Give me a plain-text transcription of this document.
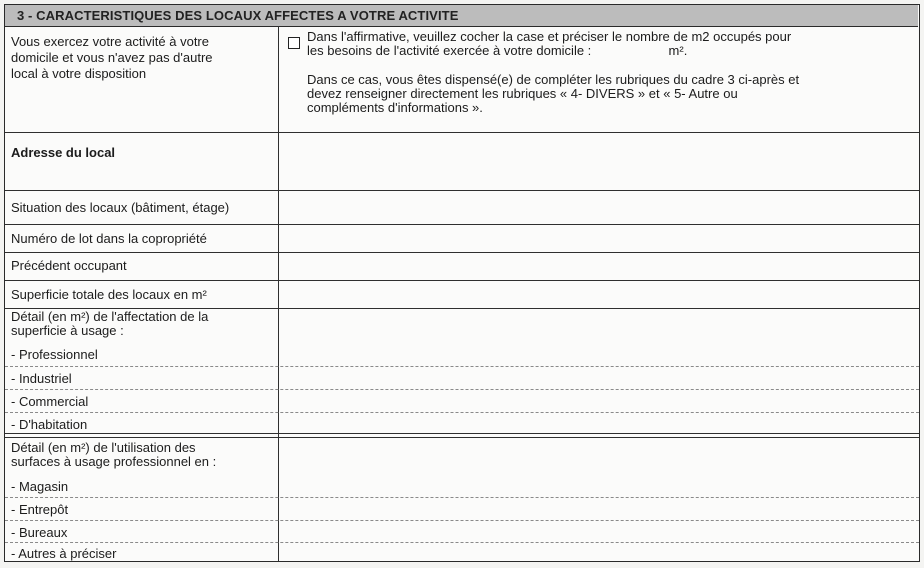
3 - CARACTERISTIQUES DES LOCAUX AFFECTES A VOTRE ACTIVITE
Vous exercez votre activité à votre
domicile et vous n'avez pas d'autre
local à votre disposition
Dans l'affirmative, veuillez cocher la case et préciser le nombre de m2 occupés pour
les besoins de l'activité exercée à votre domicile :	m².
Dans ce cas, vous êtes dispensé(e) de compléter les rubriques du cadre 3 ci-après et
devez renseigner directement les rubriques « 4- DIVERS » et « 5- Autre ou
compléments d'informations ».
Adresse du local
Situation des locaux (bâtiment, étage)
Numéro de lot dans la copropriété
Précédent occupant
Superficie totale des locaux en m²
Détail (en m²) de l'affectation de la
superficie à usage :
- Professionnel
- Industriel
- Commercial
- D'habitation
Détail (en m²) de l'utilisation des
surfaces à usage professionnel en :
- Magasin
- Entrepôt
- Bureaux
- Autres à préciser
